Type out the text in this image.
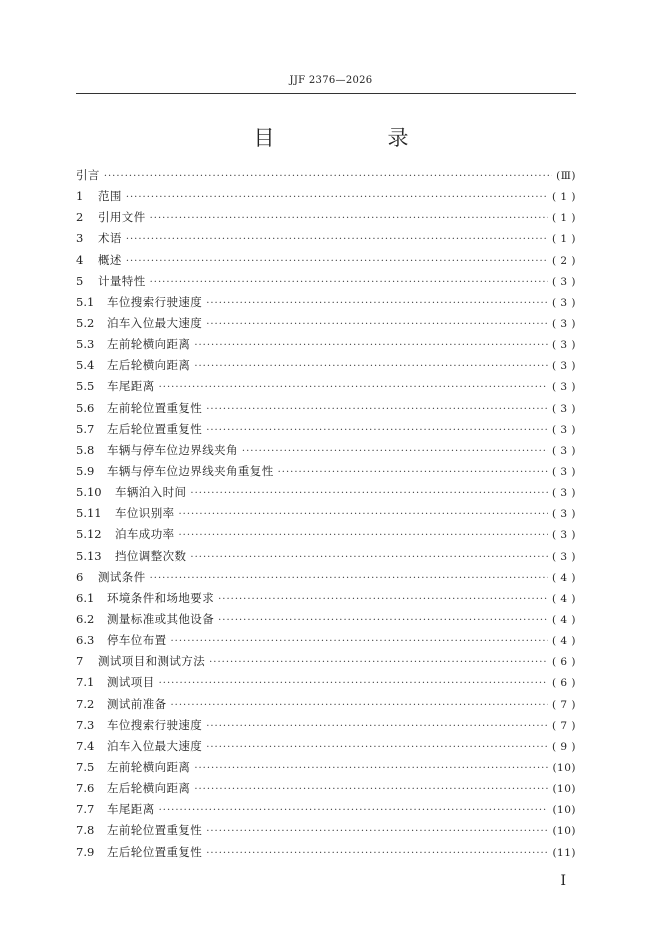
JJF 2376—2026
目　录
引言 ·····	(Ⅲ)
1	范围 ·····	( 1 )
2	引用文件 ·····	( 1 )
3	术语 ·····	( 1 )
4	概述 ·····	( 2 )
5	计量特性 ·····	( 3 )
5.1	车位搜索行驶速度 ·····	( 3 )
5.2	泊车入位最大速度 ·····	( 3 )
5.3	左前轮横向距离 ·····	( 3 )
5.4	左后轮横向距离 ·····	( 3 )
5.5	车尾距离 ·····	( 3 )
5.6	左前轮位置重复性 ·····	( 3 )
5.7	左后轮位置重复性 ·····	( 3 )
5.8	车辆与停车位边界线夹角 ·····	( 3 )
5.9	车辆与停车位边界线夹角重复性 ·····	( 3 )
5.10	车辆泊入时间 ·····	( 3 )
5.11	车位识别率 ·····	( 3 )
5.12	泊车成功率 ·····	( 3 )
5.13	挡位调整次数 ·····	( 3 )
6	测试条件 ·····	( 4 )
6.1	环境条件和场地要求 ·····	( 4 )
6.2	测量标准或其他设备 ·····	( 4 )
6.3	停车位布置 ·····	( 4 )
7	测试项目和测试方法 ·····	( 6 )
7.1	测试项目 ·····	( 6 )
7.2	测试前准备 ·····	( 7 )
7.3	车位搜索行驶速度 ·····	( 7 )
7.4	泊车入位最大速度 ·····	( 9 )
7.5	左前轮横向距离 ·····	(10)
7.6	左后轮横向距离 ·····	(10)
7.7	车尾距离 ·····	(10)
7.8	左前轮位置重复性 ·····	(10)
7.9	左后轮位置重复性 ·····	(11)
Ⅰ
